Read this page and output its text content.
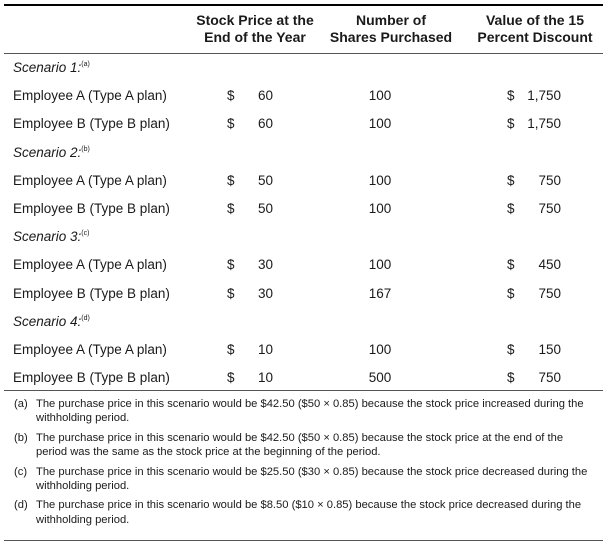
Stock Price at the
End of the Year
Number of
Shares Purchased
Value of the 15
Percent Discount
Scenario 1:$^{(a)}$
Employee A (Type A plan)	$ 60	100	$ 1,750
Employee B (Type B plan)	$ 60	100	$ 1,750
Scenario 2:$^{(b)}$
Employee A (Type A plan)	$ 50	100	$ 750
Employee B (Type B plan)	$ 50	100	$ 750
Scenario 3:$^{(c)}$
Employee A (Type A plan)	$ 30	100	$ 450
Employee B (Type B plan)	$ 30	167	$ 750
Scenario 4:$^{(d)}$
Employee A (Type A plan)	$ 10	100	$ 150
Employee B (Type B plan)	$ 10	500	$ 750
(a) The purchase price in this scenario would be $42.50 ($50 × 0.85) because the stock price increased during the withholding period.
(b) The purchase price in this scenario would be $42.50 ($50 × 0.85) because the stock price at the end of the period was the same as the stock price at the beginning of the period.
(c) The purchase price in this scenario would be $25.50 ($30 × 0.85) because the stock price decreased during the withholding period.
(d) The purchase price in this scenario would be $8.50 ($10 × 0.85) because the stock price decreased during the withholding period.
